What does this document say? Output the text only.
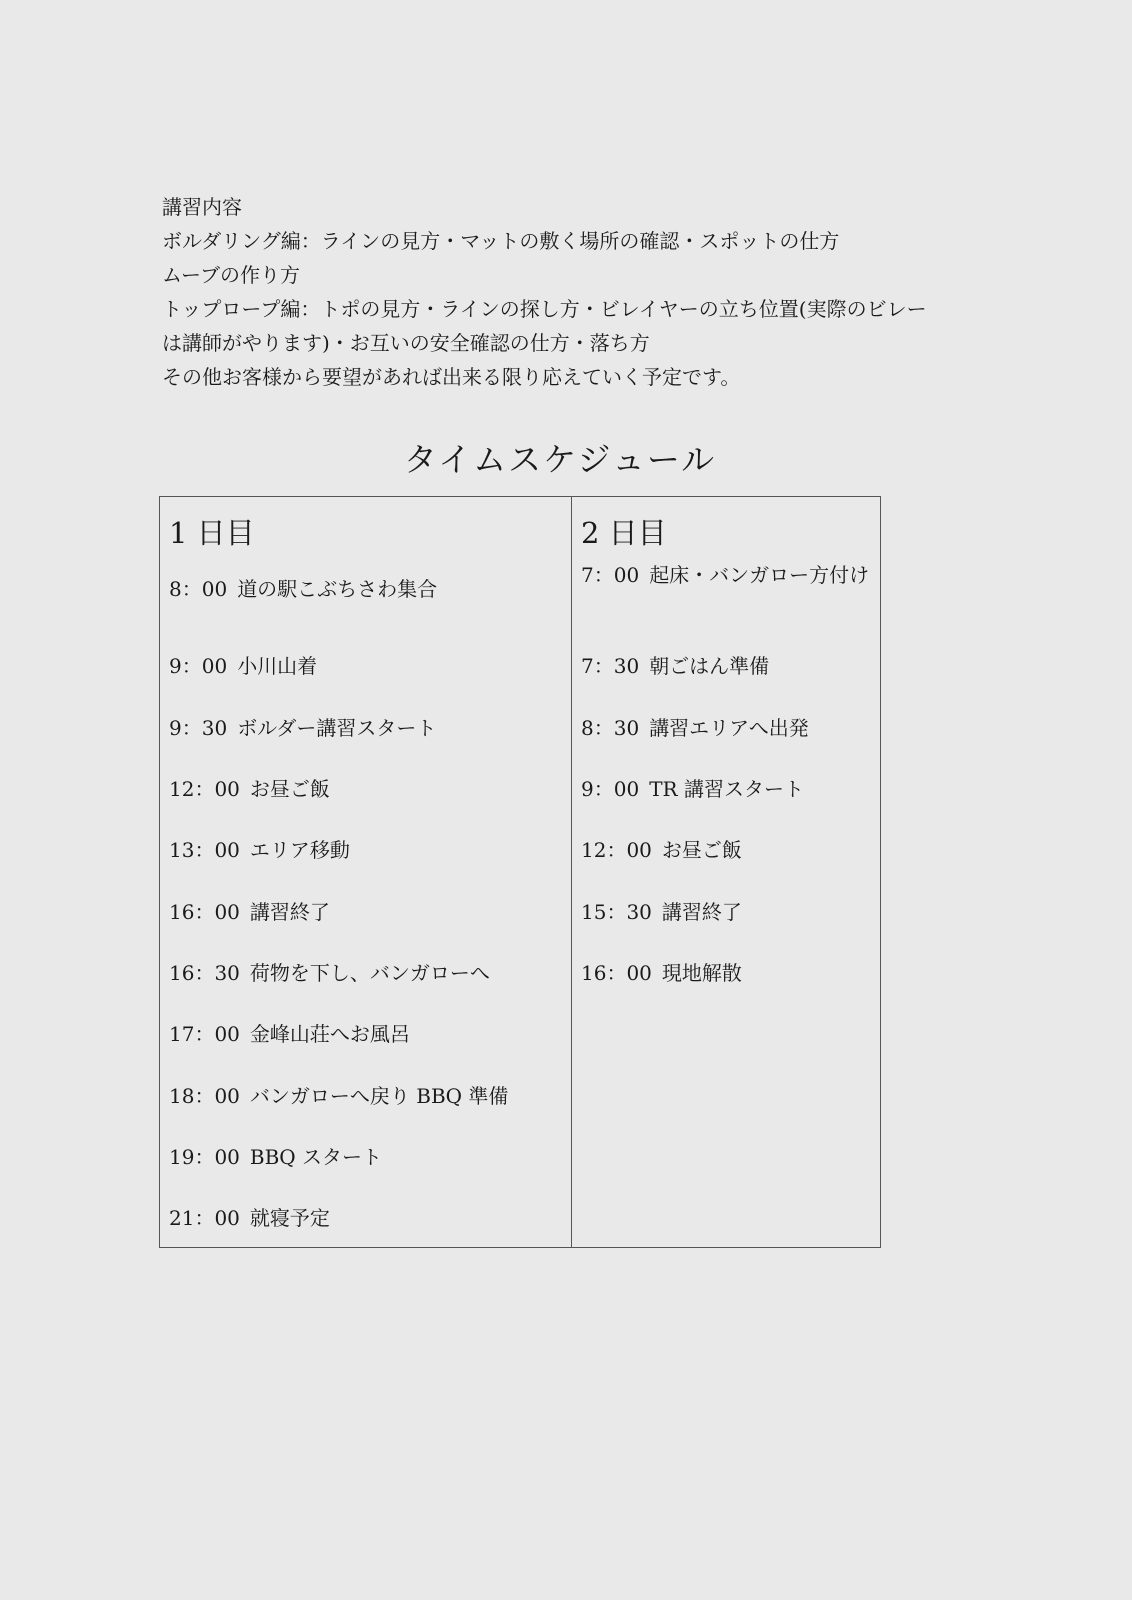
講習内容
ボルダリング編：ラインの見方・マットの敷く場所の確認・スポットの仕方
ムーブの作り方
トップロープ編：トポの見方・ラインの探し方・ビレイヤーの立ち位置(実際のビレー
は講師がやります)・お互いの安全確認の仕方・落ち方
その他お客様から要望があれば出来る限り応えていく予定です。
タイムスケジュール
1 日目
8：00 道の駅こぶちさわ集合
9：00 小川山着
9：30 ボルダー講習スタート
12：00 お昼ご飯
13：00 エリア移動
16：00 講習終了
16：30 荷物を下し、バンガローへ
17：00 金峰山荘へお風呂
18：00 バンガローへ戻り BBQ 準備
19：00 BBQ スタート
21：00 就寝予定
2 日目
7：00 起床・バンガロー方付け
7：30 朝ごはん準備
8：30 講習エリアへ出発
9：00 TR 講習スタート
12：00 お昼ご飯
15：30 講習終了
16：00 現地解散
